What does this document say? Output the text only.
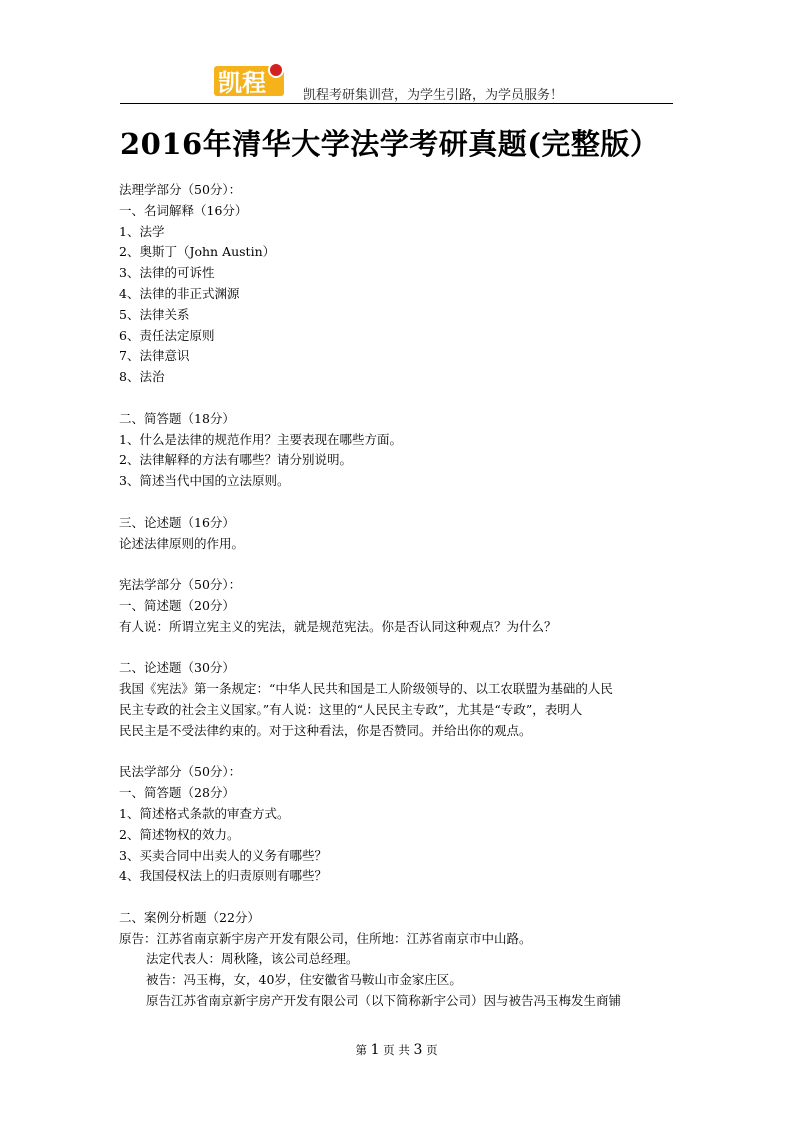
凯程	凯程考研集训营，为学生引路，为学员服务！
2016年清华大学法学考研真题(完整版）
法理学部分（50分）：
一、名词解释（16分）
1、法学
2、奥斯丁（John Austin）
3、法律的可诉性
4、法律的非正式渊源
5、法律关系
6、责任法定原则
7、法律意识
8、法治
二、简答题（18分）
1、什么是法律的规范作用？主要表现在哪些方面。
2、法律解释的方法有哪些？请分别说明。
3、简述当代中国的立法原则。
三、论述题（16分）
论述法律原则的作用。
宪法学部分（50分）：
一、简述题（20分）
有人说：所谓立宪主义的宪法，就是规范宪法。你是否认同这种观点？为什么？
二、论述题（30分）
我国《宪法》第一条规定：“中华人民共和国是工人阶级领导的、以工农联盟为基础的人民
民主专政的社会主义国家。”有人说：这里的“人民民主专政”，尤其是“专政”，表明人
民民主是不受法律约束的。对于这种看法，你是否赞同。并给出你的观点。
民法学部分（50分）：
一、简答题（28分）
1、简述格式条款的审查方式。
2、简述物权的效力。
3、买卖合同中出卖人的义务有哪些？
4、我国侵权法上的归责原则有哪些？
二、案例分析题（22分）
原告：江苏省南京新宇房产开发有限公司，住所地：江苏省南京市中山路。
法定代表人：周秋隆，该公司总经理。
被告：冯玉梅，女，40岁，住安徽省马鞍山市金家庄区。
原告江苏省南京新宇房产开发有限公司（以下简称新宇公司）因与被告冯玉梅发生商铺
第 1 页 共 3 页
